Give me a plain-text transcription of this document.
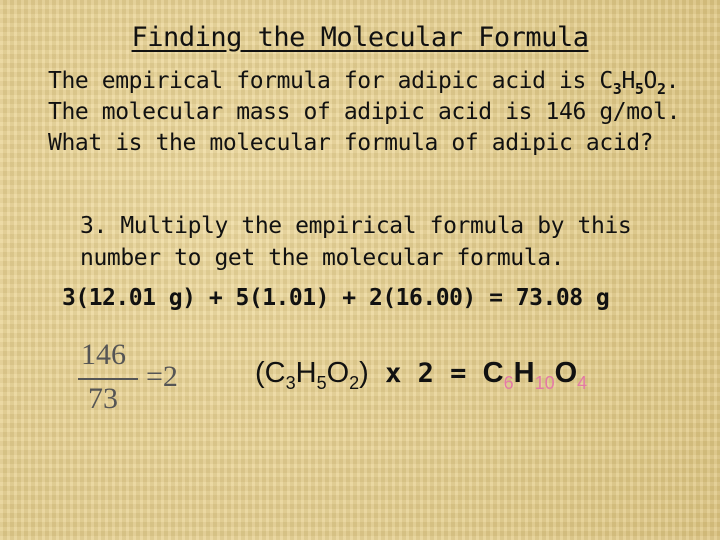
Finding the Molecular Formula
The empirical formula for adipic acid is $C_3H_5O_2$. The molecular mass of adipic acid is 146 g/mol. What is the molecular formula of adipic acid?
3. Multiply the empirical formula by this number to get the molecular formula.
3(12.01 g) + 5(1.01) + 2(16.00) = 73.08 g
146
73
=2	$(C_3H_5O_2)$ x $2 = C_6H_{10}O_4$
